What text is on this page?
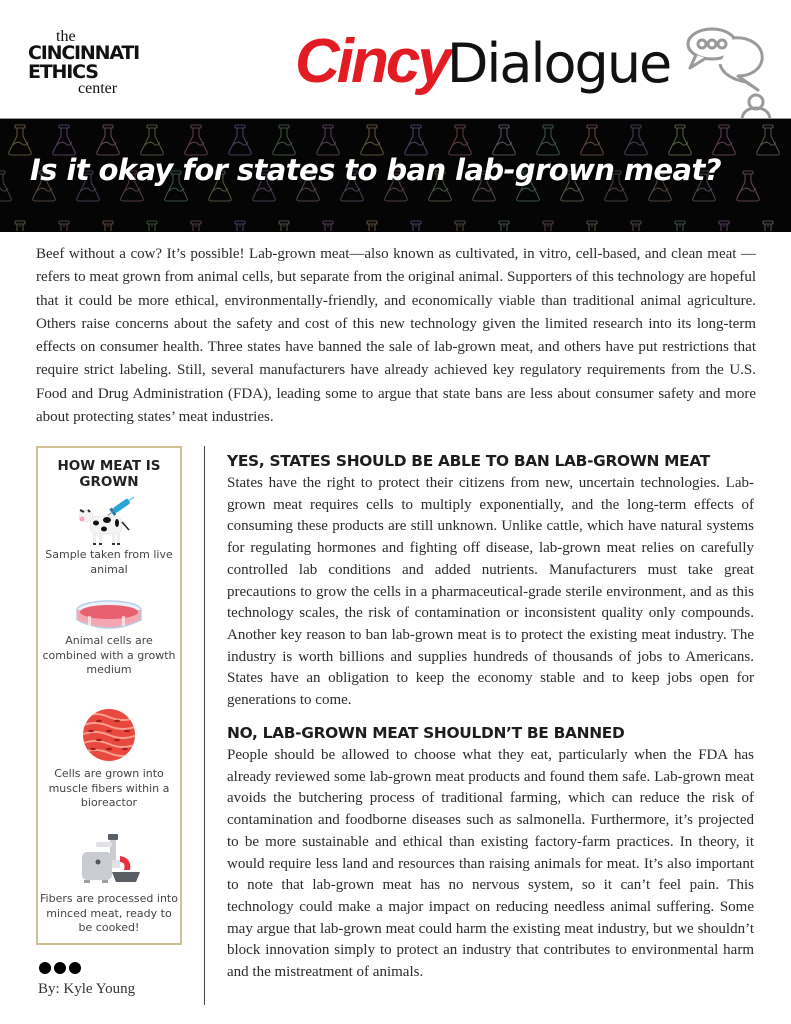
the
CINCINNATI
ETHICS
center	CincyDialogue
Is it okay for states to ban lab-grown meat?

Beef without a cow? It’s possible! Lab-grown meat—also known as cultivated, in vitro, cell-based, and clean meat —refers to meat grown from animal cells, but separate from the original animal. Supporters of this technology are hopeful that it could be more ethical, environmentally-friendly, and economically viable than traditional animal agriculture. Others raise concerns about the safety and cost of this new technology given the limited research into its long-term effects on consumer health. Three states have banned the sale of lab-grown meat, and others have put restrictions that require strict labeling. Still, several manufacturers have already achieved key regulatory requirements from the U.S. Food and Drug Administration (FDA), leading some to argue that state bans are less about consumer safety and more about protecting states’ meat industries.

HOW MEAT IS GROWN
Sample taken from live animal
Animal cells are combined with a growth medium
Cells are grown into muscle fibers within a bioreactor
Fibers are processed into minced meat, ready to be cooked!
By: Kyle Young
YES, STATES SHOULD BE ABLE TO BAN LAB-GROWN MEAT

States have the right to protect their citizens from new, uncertain technologies. Lab-grown meat requires cells to multiply exponentially, and the long-term effects of consuming these products are still unknown. Unlike cattle, which have natural systems for regulating hormones and fighting off disease, lab-grown meat relies on carefully controlled lab conditions and added nutrients. Manufacturers must take great precautions to grow the cells in a pharmaceutical-grade sterile environment, and as this technology scales, the risk of contamination or inconsistent quality only compounds. Another key reason to ban lab-grown meat is to protect the existing meat industry. The industry is worth billions and supplies hundreds of thousands of jobs to Americans. States have an obligation to keep the economy stable and to keep jobs open for generations to come.

NO, LAB-GROWN MEAT SHOULDN’T BE BANNED

People should be allowed to choose what they eat, particularly when the FDA has already reviewed some lab-grown meat products and found them safe. Lab-grown meat avoids the butchering process of traditional farming, which can reduce the risk of contamination and foodborne diseases such as salmonella. Furthermore, it’s projected to be more sustainable and ethical than existing factory-farm practices. In theory, it would require less land and resources than raising animals for meat. It’s also important to note that lab-grown meat has no nervous system, so it can’t feel pain. This technology could make a major impact on reducing needless animal suffering. Some may argue that lab-grown meat could harm the existing meat industry, but we shouldn’t block innovation simply to protect an industry that contributes to environmental harm and the mistreatment of animals.
